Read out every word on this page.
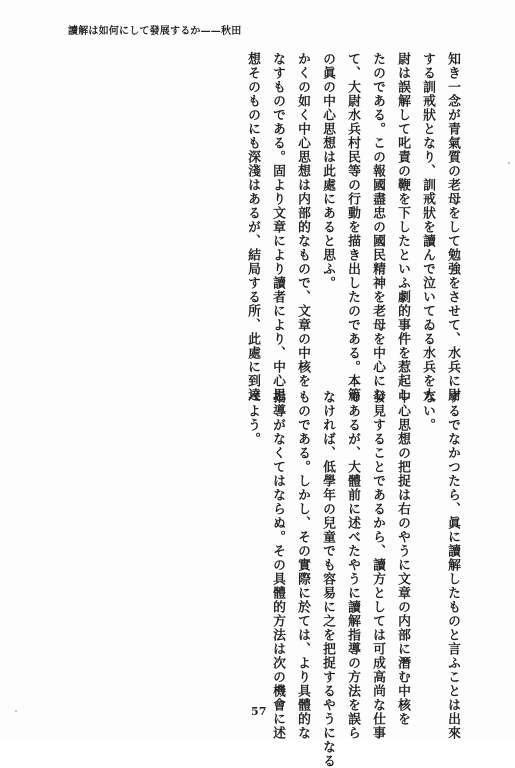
讀解は如何にして發展するか——秋田
知き一念が青氣質の老母をして勉強をさせて、水兵に尉
する訓戒狀となり、訓戒狀を讀んで泣いてゐる水兵を大
尉は誤解して叱責の鞭を下したといふ劇的事件を惹起し
たのである。この報國盡忠の國民精神を老母を中心にし
て、大尉水兵村民等の行動を描き出したのである。本篇
の眞の中心思想は此處にあると思ふ。
かくの如く中心思想は内部的なもので、文章の中核を
なすものである。固より文章により讀者により、中心思
想そのものにも深淺はあるが、結局する所、此處に到達
するでなかつたら、眞に讀解したものと言ふことは出來
ない。
中心思想の把捉は右のやうに文章の内部に潛む中核を
發見することであるから、讀方としては可成高尚な仕事
であるが、大體前に述べたやうに讀解指導の方法を誤ら
なければ、低學年の兒童でも容易に之を把捉するやうになる
ものである。しかし、その實際に於ては、より具體的な
指導がなくてはならぬ。その具體的方法は次の機會に述
べよう。
57
